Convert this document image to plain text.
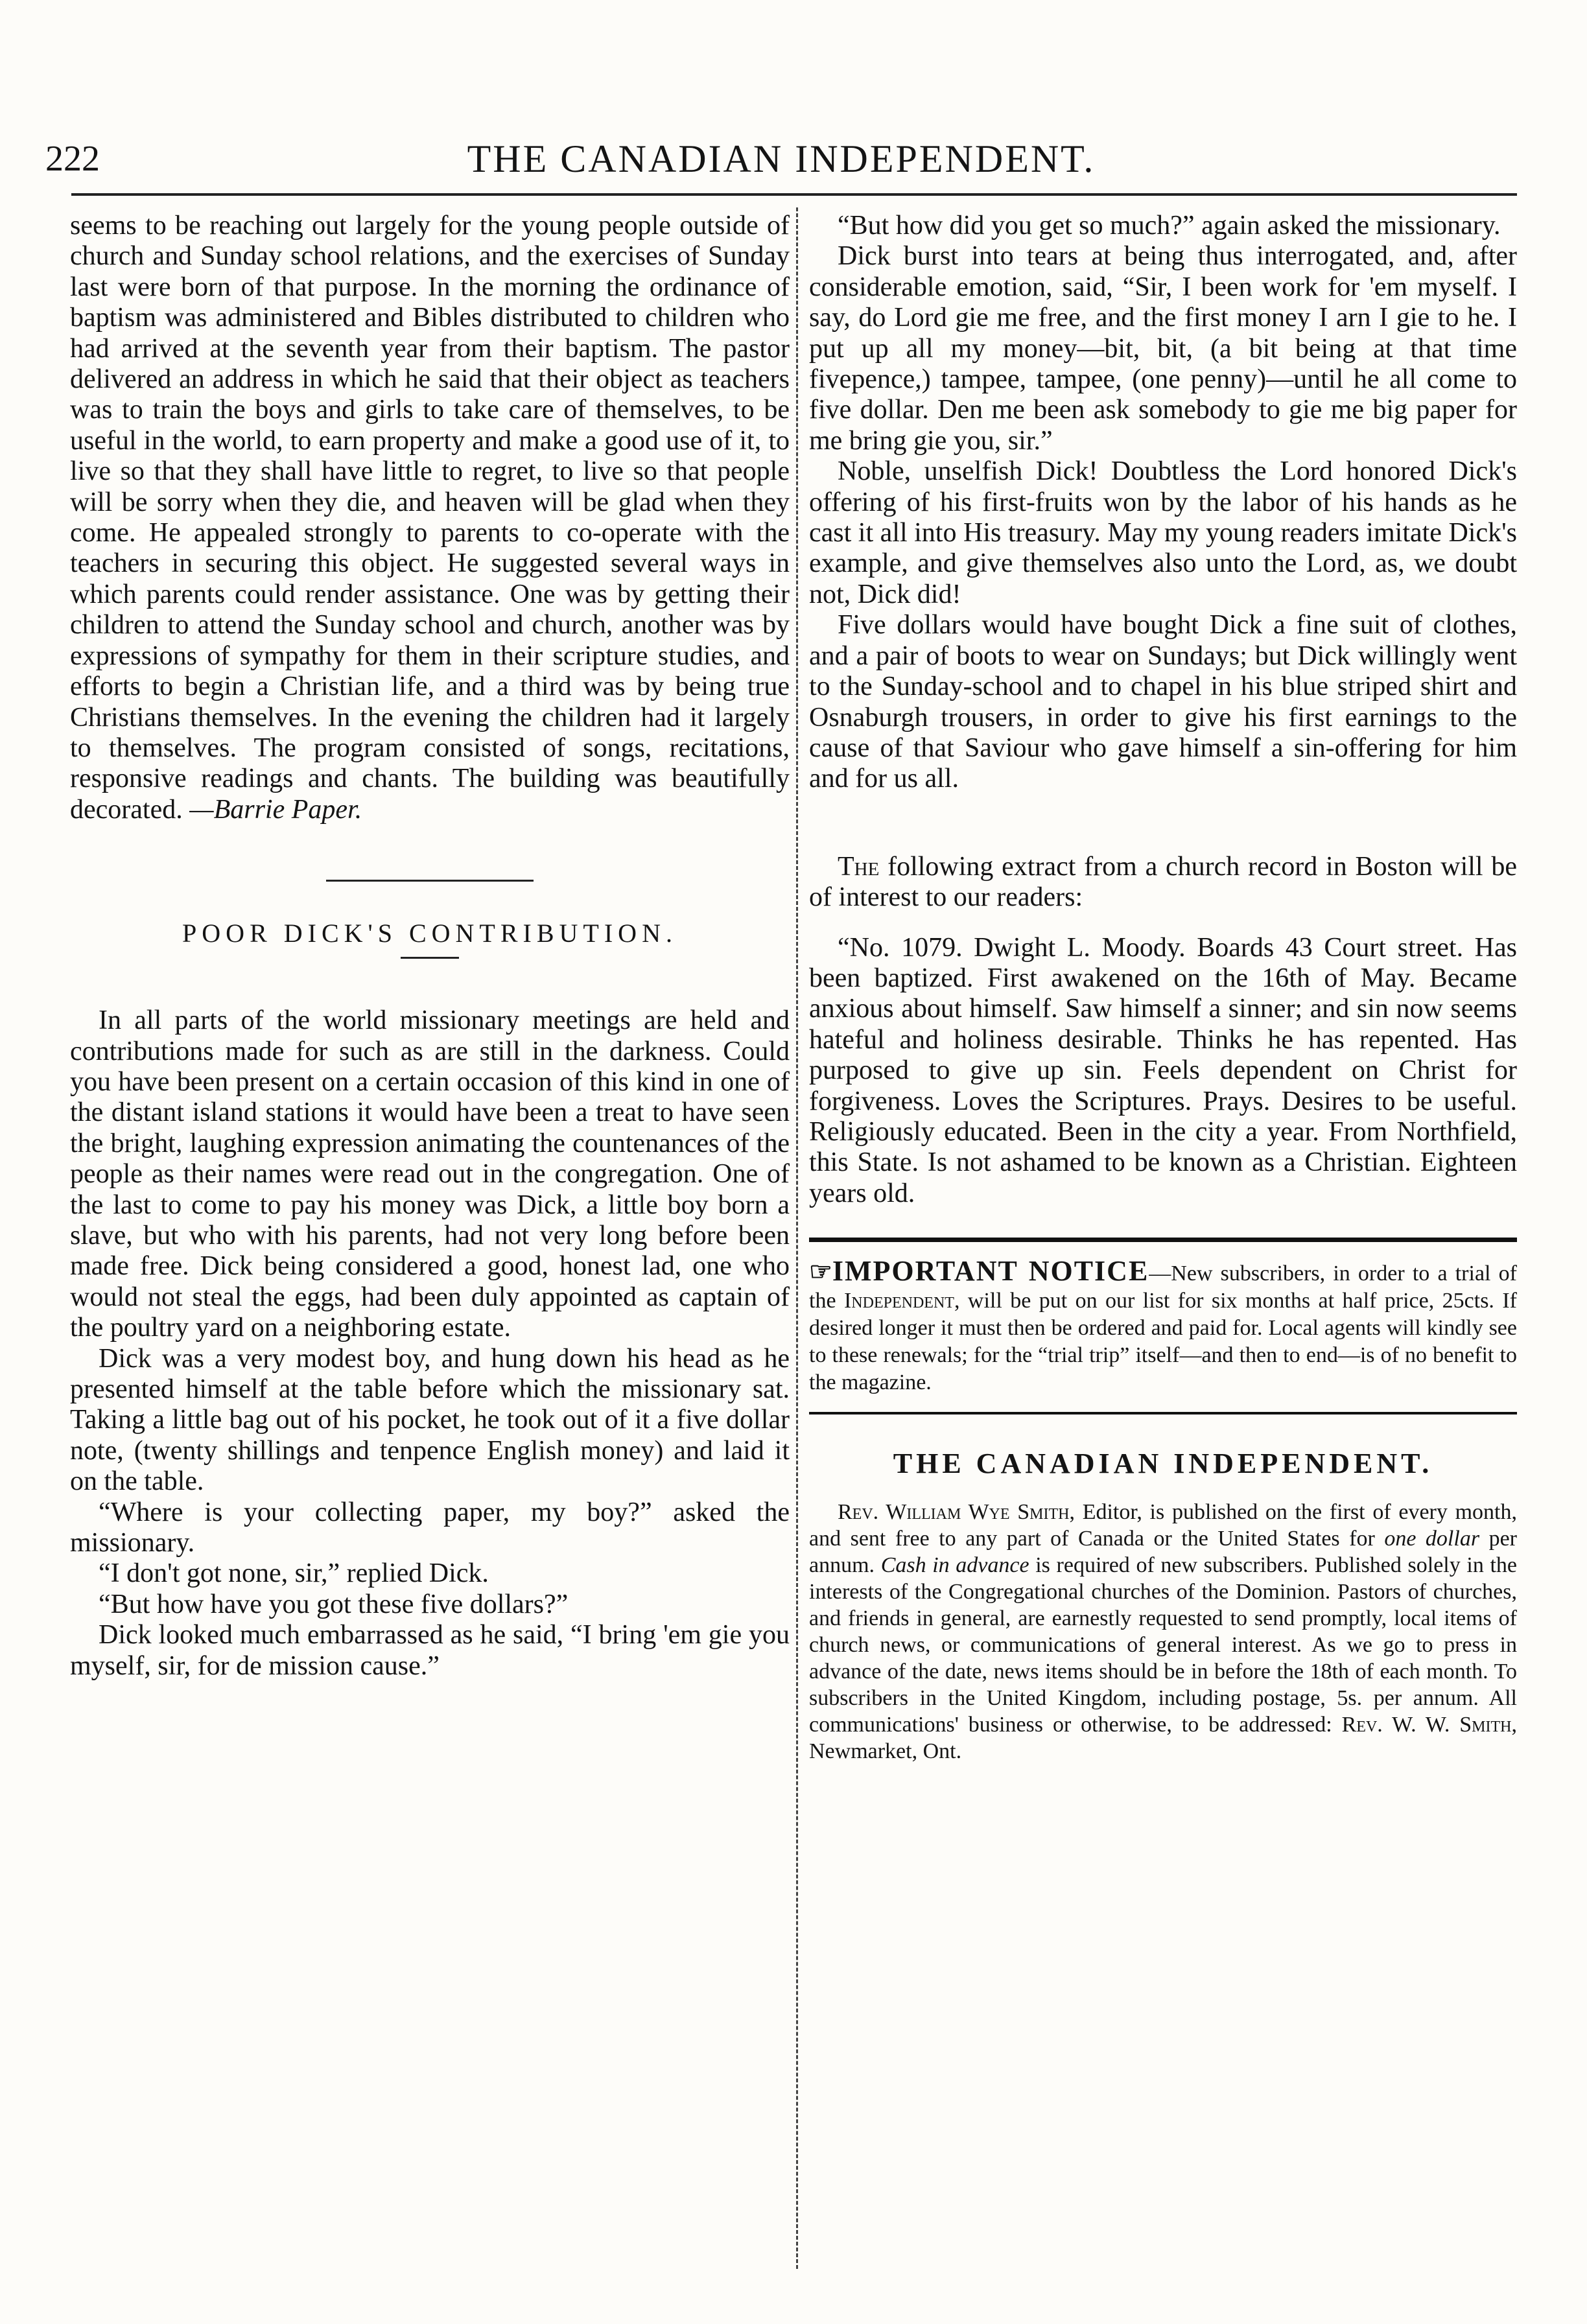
222	THE CANADIAN INDEPENDENT.

seems to be reaching out largely for the young people outside of church and Sunday school relations, and the exercises of Sunday last were born of that purpose. In the morning the ordinance of baptism was administered and Bibles distributed to children who had arrived at the seventh year from their baptism. The pastor delivered an address in which he said that their object as teachers was to train the boys and girls to take care of themselves, to be useful in the world, to earn property and make a good use of it, to live so that they shall have little to regret, to live so that people will be sorry when they die, and heaven will be glad when they come. He appealed strongly to parents to co-operate with the teachers in securing this object. He suggested several ways in which parents could render assistance. One was by getting their children to attend the Sunday school and church, another was by expressions of sympathy for them in their scripture studies, and efforts to begin a Christian life, and a third was by being true Christians themselves. In the evening the children had it largely to themselves. The program consisted of songs, recitations, responsive readings and chants. The building was beautifully decorated. —Barrie Paper.

POOR DICK'S CONTRIBUTION.

In all parts of the world missionary meetings are held and contributions made for such as are still in the darkness. Could you have been present on a certain occasion of this kind in one of the distant island stations it would have been a treat to have seen the bright, laughing expression animating the countenances of the people as their names were read out in the congregation. One of the last to come to pay his money was Dick, a little boy born a slave, but who with his parents, had not very long before been made free. Dick being considered a good, honest lad, one who would not steal the eggs, had been duly appointed as captain of the poultry yard on a neighboring estate.

Dick was a very modest boy, and hung down his head as he presented himself at the table before which the missionary sat. Taking a little bag out of his pocket, he took out of it a five dollar note, (twenty shillings and tenpence English money) and laid it on the table.

“Where is your collecting paper, my boy?” asked the missionary.

“I don't got none, sir,” replied Dick.

“But how have you got these five dollars?”

Dick looked much embarrassed as he said, “I bring 'em gie you myself, sir, for de mission cause.”

“But how did you get so much?” again asked the missionary.

Dick burst into tears at being thus interrogated, and, after considerable emotion, said, “Sir, I been work for 'em myself. I say, do Lord gie me free, and the first money I arn I gie to he. I put up all my money—bit, bit, (a bit being at that time fivepence,) tampee, tampee, (one penny)—until he all come to five dollar. Den me been ask somebody to gie me big paper for me bring gie you, sir.”

Noble, unselfish Dick! Doubtless the Lord honored Dick's offering of his first-fruits won by the labor of his hands as he cast it all into His treasury. May my young readers imitate Dick's example, and give themselves also unto the Lord, as, we doubt not, Dick did!

Five dollars would have bought Dick a fine suit of clothes, and a pair of boots to wear on Sundays; but Dick willingly went to the Sunday-school and to chapel in his blue striped shirt and Osnaburgh trousers, in order to give his first earnings to the cause of that Saviour who gave himself a sin-offering for him and for us all.

The following extract from a church record in Boston will be of interest to our readers:

“No. 1079. Dwight L. Moody. Boards 43 Court street. Has been baptized. First awakened on the 16th of May. Became anxious about himself. Saw himself a sinner; and sin now seems hateful and holiness desirable. Thinks he has repented. Has purposed to give up sin. Feels dependent on Christ for forgiveness. Loves the Scriptures. Prays. Desires to be useful. Religiously educated. Been in the city a year. From Northfield, this State. Is not ashamed to be known as a Christian. Eighteen years old.

☞IMPORTANT NOTICE—New subscribers, in order to a trial of the Independent, will be put on our list for six months at half price, 25cts. If desired longer it must then be ordered and paid for. Local agents will kindly see to these renewals; for the “trial trip” itself—and then to end—is of no benefit to the magazine.

THE CANADIAN INDEPENDENT.

Rev. William Wye Smith, Editor, is published on the first of every month, and sent free to any part of Canada or the United States for one dollar per annum. Cash in advance is required of new subscribers. Published solely in the interests of the Congregational churches of the Dominion. Pastors of churches, and friends in general, are earnestly requested to send promptly, local items of church news, or communications of general interest. As we go to press in advance of the date, news items should be in before the 18th of each month. To subscribers in the United Kingdom, including postage, 5s. per annum. All communications' business or otherwise, to be addressed: Rev. W. W. Smith, Newmarket, Ont.
